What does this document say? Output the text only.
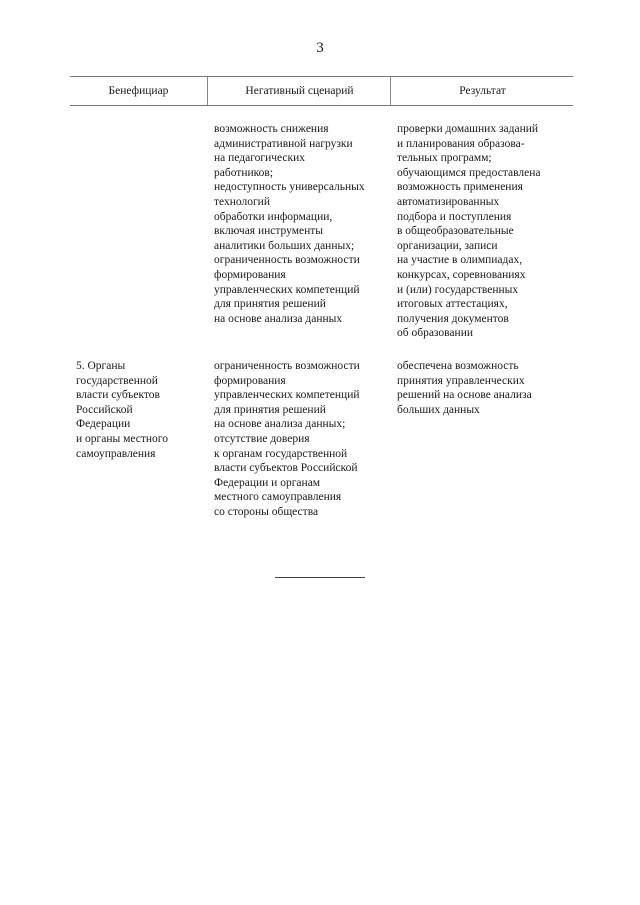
3
Бенефициар	Негативный сценарий	Результат
возможность снижения
административной нагрузки
на педагогических
работников;
недоступность универсальных
технологий
обработки информации,
включая инструменты
аналитики больших данных;
ограниченность возможности
формирования
управленческих компетенций
для принятия решений
на основе анализа данных
проверки домашних заданий
и планирования образова-
тельных программ;
обучающимся предоставлена
возможность применения
автоматизированных
подбора и поступления
в общеобразовательные
организации, записи
на участие в олимпиадах,
конкурсах, соревнованиях
и (или) государственных
итоговых аттестациях,
получения документов
об образовании
5. Органы
государственной
власти субъектов
Российской
Федерации
и органы местного
самоуправления
ограниченность возможности
формирования
управленческих компетенций
для принятия решений
на основе анализа данных;
отсутствие доверия
к органам государственной
власти субъектов Российской
Федерации и органам
местного самоуправления
со стороны общества
обеспечена возможность
принятия управленческих
решений на основе анализа
больших данных
